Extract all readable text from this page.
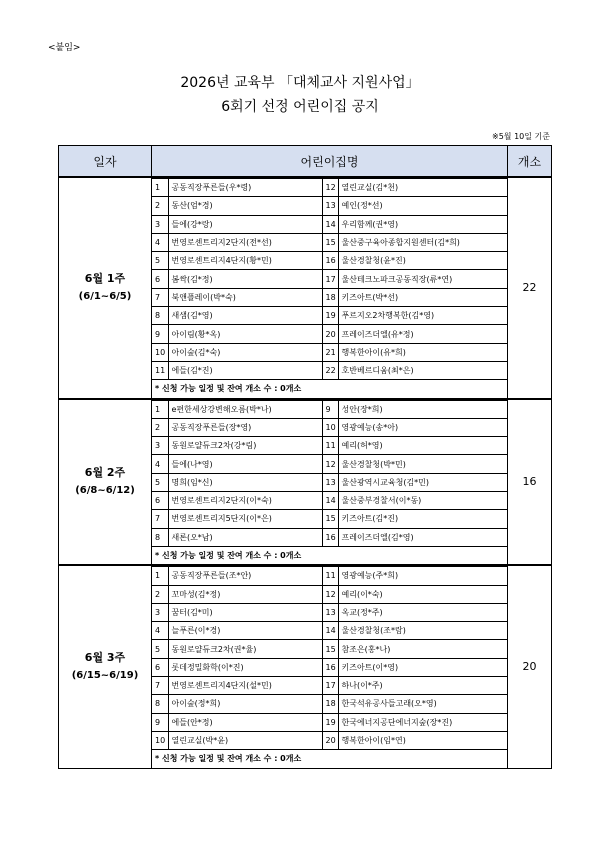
<붙임>
2026년 교육부 「대체교사 지원사업」
6회기 선정 어린이집 공지
※5월 10일 기준
일자	어린이집명	개소

6월 1주
(6/1~6/5)

1	공동직장푸른들(우*령)	12	열린교실(김*천)
2	동산(엄*경)	13	예인(정*선)
3	들에(강*랑)	14	우리함께(권*영)
4	번영로센트리지2단지(전*선)	15	울산중구육아종합지원센터(김*희)
5	번영로센트리지4단지(황*민)	16	울산경찰청(윤*진)
6	봄싹(김*정)	17	울산테크노파크공동직장(류*연)
7	북앤플레이(박*숙)	18	키즈아트(박*선)
8	새샘(김*영)	19	푸르지오2차행복한(김*영)
9	아이림(황*옥)	20	프레이즈더엘(유*정)
10	아이숲(김*숙)	21	행복한아이(유*희)
11	에들(김*진)	22	호반베르디움(최*은)
* 신청 가능 일정 및 잔여 개소 수 : 0개소
	22

6월 2주
(6/8~6/12)

1	e편한세상강변해오름(박*나)	9	성안(장*희)
2	공동직장푸른들(장*영)	10	영광예능(송*아)
3	동원로얄듀크2차(강*림)	11	예리(허*영)
4	들에(나*영)	12	울산경찰청(박*민)
5	명희(임*신)	13	울산광역시교육청(김*민)
6	번영로센트리지2단지(이*숙)	14	울산중부경찰서(이*동)
7	번영로센트리지5단지(이*은)	15	키즈아트(김*진)
8	새론(오*남)	16	프레이즈더엘(김*영)
* 신청 가능 일정 및 잔여 개소 수 : 0개소
	16

6월 3주
(6/15~6/19)

1	공동직장푸른들(조*안)	11	영광예능(주*희)
2	꼬마성(김*정)	12	예리(이*숙)
3	꿈터(김*미)	13	옥교(정*주)
4	늘푸른(이*경)	14	울산경찰청(조*람)
5	동원로얄듀크2차(권*율)	15	참조은(홍*나)
6	롯데정밀화학(이*진)	16	키즈아트(이*영)
7	번영로센트리지4단지(설*민)	17	하나(이*주)
8	아이숲(정*희)	18	한국석유공사들고래(오*영)
9	에들(안*정)	19	한국에너지공단에너지숲(장*진)
10	열린교실(박*윤)	20	행복한아이(임*연)
* 신청 가능 일정 및 잔여 개소 수 : 0개소
	20
